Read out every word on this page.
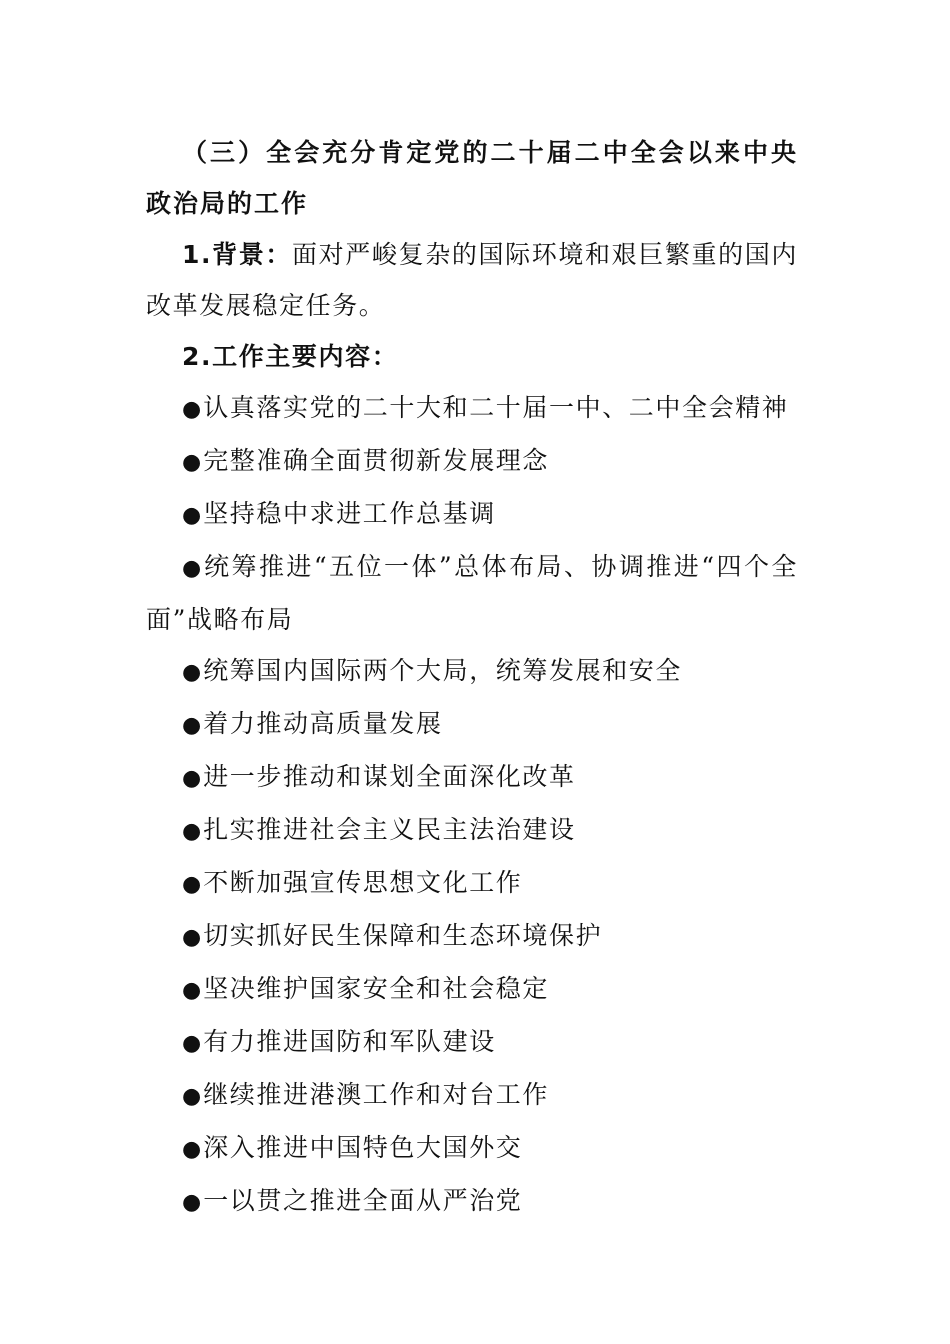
（三）全会充分肯定党的二十届二中全会以来中央政治局的工作

1.背景：面对严峻复杂的国际环境和艰巨繁重的国内改革发展稳定任务。

2.工作主要内容：

●认真落实党的二十大和二十届一中、二中全会精神

●完整准确全面贯彻新发展理念

●坚持稳中求进工作总基调

●统筹推进“五位一体”总体布局、协调推进“四个全面”战略布局

●统筹国内国际两个大局，统筹发展和安全

●着力推动高质量发展

●进一步推动和谋划全面深化改革

●扎实推进社会主义民主法治建设

●不断加强宣传思想文化工作

●切实抓好民生保障和生态环境保护

●坚决维护国家安全和社会稳定

●有力推进国防和军队建设

●继续推进港澳工作和对台工作

●深入推进中国特色大国外交

●一以贯之推进全面从严治党
